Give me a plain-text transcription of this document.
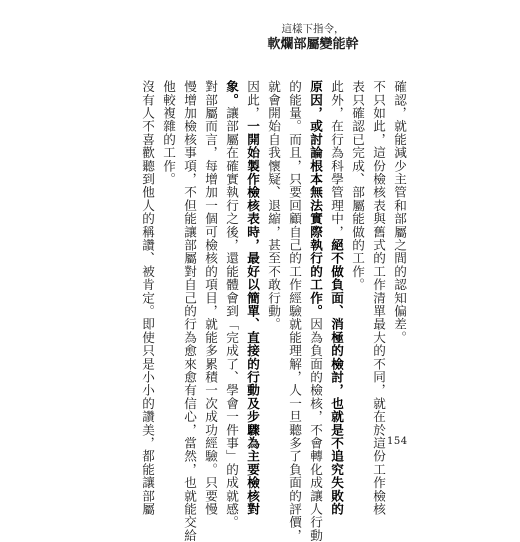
這樣下指令，
軟爛部屬變能幹
確認，就能減少主管和部屬之間的認知偏差。
不只如此，這份檢核表與舊式的工作清單最大的不同，就在於這份工作檢核
表只確認已完成、部屬能做的工作。
此外，在行為科學管理中，絕不做負面、消極的檢討，也就是不追究失敗的
原因，或討論根本無法實際執行的工作。因為負面的檢核，不會轉化成讓人行動
的能量。而且，只要回顧自己的工作經驗就能理解，人一旦聽多了負面的評價，
就會開始自我懷疑、退縮，甚至不敢行動。
因此，一開始製作檢核表時，最好以簡單、直接的行動及步驟為主要檢核對
象。讓部屬在確實執行之後，還能體會到「完成了、學會一件事」的成就感。
對部屬而言，每增加一個可檢核的項目，就能多累積一次成功經驗。只要慢
慢增加檢核事項，不但能讓部屬對自己的行為愈來愈有信心，當然，也就能交給
他較複雜的工作。
沒有人不喜歡聽到他人的稱讚、被肯定。即使只是小小的讚美，都能讓部屬	154
